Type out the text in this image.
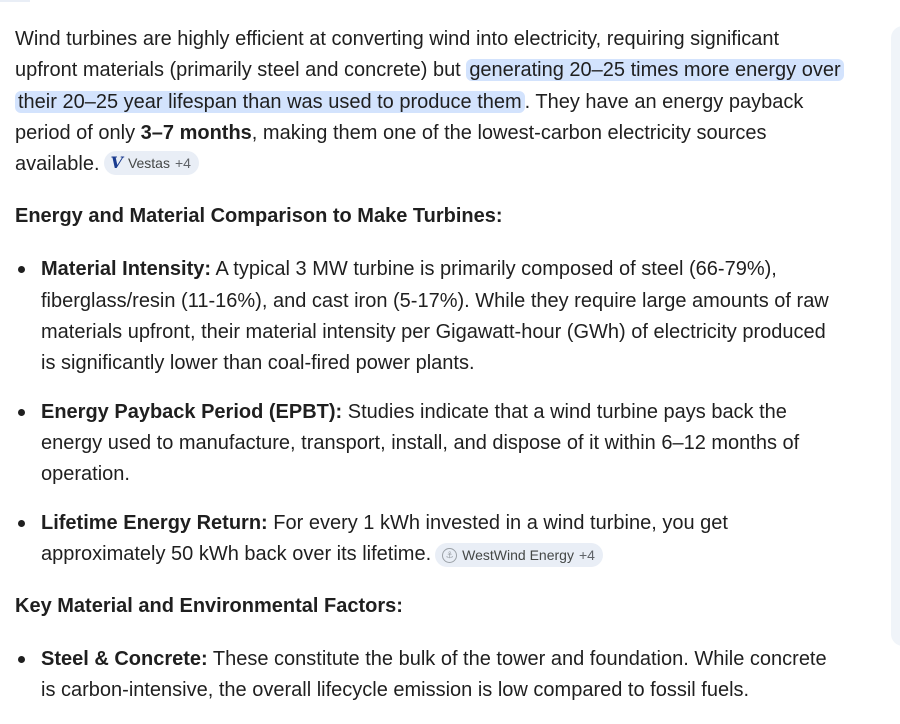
Wind turbines are highly efficient at converting wind into electricity, requiring significant upfront materials (primarily steel and concrete) but generating 20–25 times more energy over their 20–25 year lifespan than was used to produce them . They have an energy payback period of only 3–7 months, making them one of the lowest-carbon electricity sources available. V Vestas +4

Energy and Material Comparison to Make Turbines:
Material Intensity: A typical 3 MW turbine is primarily composed of steel (66-79%), fiberglass/resin (11-16%), and cast iron (5-17%). While they require large amounts of raw materials upfront, their material intensity per Gigawatt-hour (GWh) of electricity produced is significantly lower than coal-fired power plants.
Energy Payback Period (EPBT): Studies indicate that a wind turbine pays back the energy used to manufacture, transport, install, and dispose of it within 6–12 months of operation.
Lifetime Energy Return: For every 1 kWh invested in a wind turbine, you get approximately 50 kWh back over its lifetime.	⚓ WestWind Energy +4
Key Material and Environmental Factors:
Steel & Concrete: These constitute the bulk of the tower and foundation. While concrete is carbon-intensive, the overall lifecycle emission is low compared to fossil fuels.
